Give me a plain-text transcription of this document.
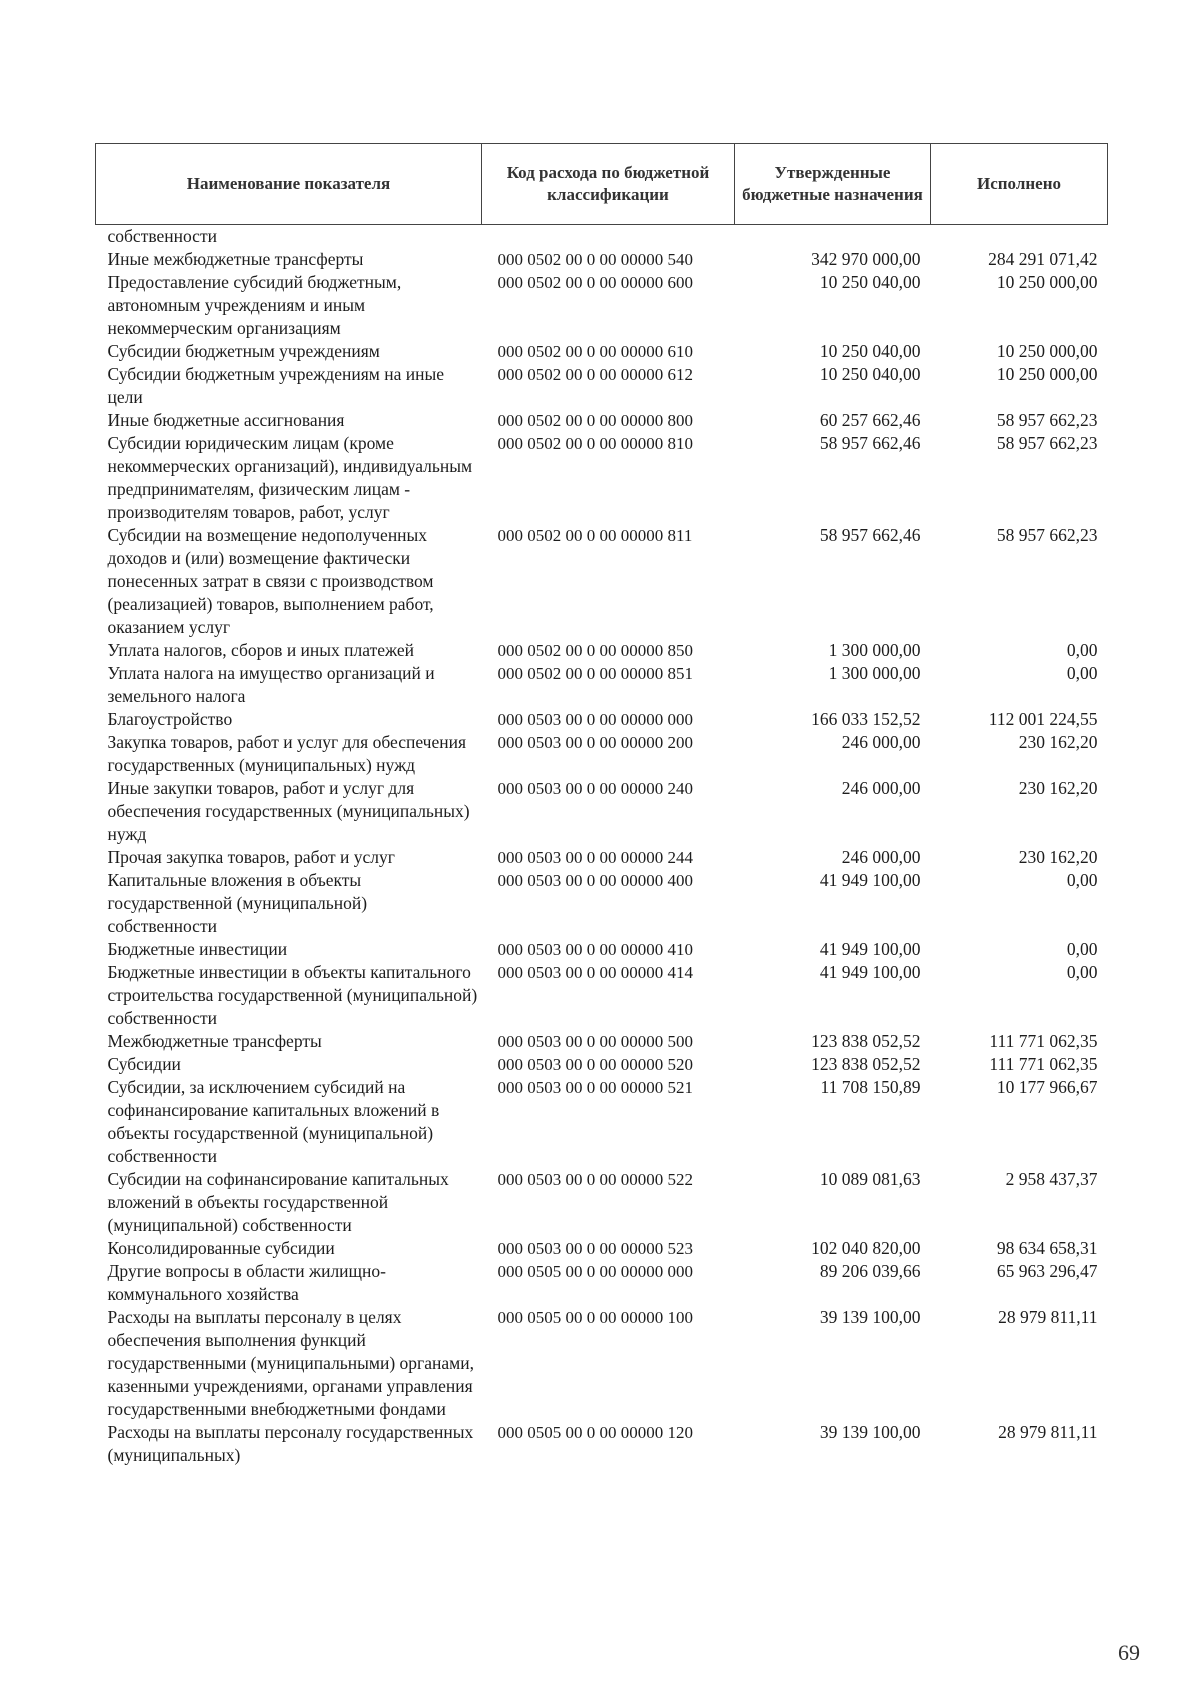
Наименование показателя	Код расхода по бюджетной классификации	Утвержденные бюджетные назначения	Исполнено
собственности			
Иные межбюджетные трансферты	000 0502 00 0 00 00000 540	342 970 000,00	284 291 071,42
Предоставление субсидий бюджетным, автономным учреждениям и иным некоммерческим организациям	000 0502 00 0 00 00000 600	10 250 040,00	10 250 000,00
Субсидии бюджетным учреждениям	000 0502 00 0 00 00000 610	10 250 040,00	10 250 000,00
Субсидии бюджетным учреждениям на иные цели	000 0502 00 0 00 00000 612	10 250 040,00	10 250 000,00
Иные бюджетные ассигнования	000 0502 00 0 00 00000 800	60 257 662,46	58 957 662,23
Субсидии юридическим лицам (кроме некоммерческих организаций), индивидуальным предпринимателям, физическим лицам - производителям товаров, работ, услуг	000 0502 00 0 00 00000 810	58 957 662,46	58 957 662,23
Субсидии на возмещение недополученных доходов и (или) возмещение фактически понесенных затрат в связи с производством (реализацией) товаров, выполнением работ, оказанием услуг	000 0502 00 0 00 00000 811	58 957 662,46	58 957 662,23
Уплата налогов, сборов и иных платежей	000 0502 00 0 00 00000 850	1 300 000,00	0,00
Уплата налога на имущество организаций и земельного налога	000 0502 00 0 00 00000 851	1 300 000,00	0,00
Благоустройство	000 0503 00 0 00 00000 000	166 033 152,52	112 001 224,55
Закупка товаров, работ и услуг для обеспечения государственных (муниципальных) нужд	000 0503 00 0 00 00000 200	246 000,00	230 162,20
Иные закупки товаров, работ и услуг для обеспечения государственных (муниципальных) нужд	000 0503 00 0 00 00000 240	246 000,00	230 162,20
Прочая закупка товаров, работ и услуг	000 0503 00 0 00 00000 244	246 000,00	230 162,20
Капитальные вложения в объекты государственной (муниципальной) собственности	000 0503 00 0 00 00000 400	41 949 100,00	0,00
Бюджетные инвестиции	000 0503 00 0 00 00000 410	41 949 100,00	0,00
Бюджетные инвестиции в объекты капитального строительства государственной (муниципальной) собственности	000 0503 00 0 00 00000 414	41 949 100,00	0,00
Межбюджетные трансферты	000 0503 00 0 00 00000 500	123 838 052,52	111 771 062,35
Субсидии	000 0503 00 0 00 00000 520	123 838 052,52	111 771 062,35
Субсидии, за исключением субсидий на софинансирование капитальных вложений в объекты государственной (муниципальной) собственности	000 0503 00 0 00 00000 521	11 708 150,89	10 177 966,67
Субсидии на софинансирование капитальных вложений в объекты государственной (муниципальной) собственности	000 0503 00 0 00 00000 522	10 089 081,63	2 958 437,37
Консолидированные субсидии	000 0503 00 0 00 00000 523	102 040 820,00	98 634 658,31
Другие вопросы в области жилищно-коммунального хозяйства	000 0505 00 0 00 00000 000	89 206 039,66	65 963 296,47
Расходы на выплаты персоналу в целях обеспечения выполнения функций государственными (муниципальными) органами, казенными учреждениями, органами управления государственными внебюджетными фондами	000 0505 00 0 00 00000 100	39 139 100,00	28 979 811,11
Расходы на выплаты персоналу государственных (муниципальных)	000 0505 00 0 00 00000 120	39 139 100,00	28 979 811,11
69
